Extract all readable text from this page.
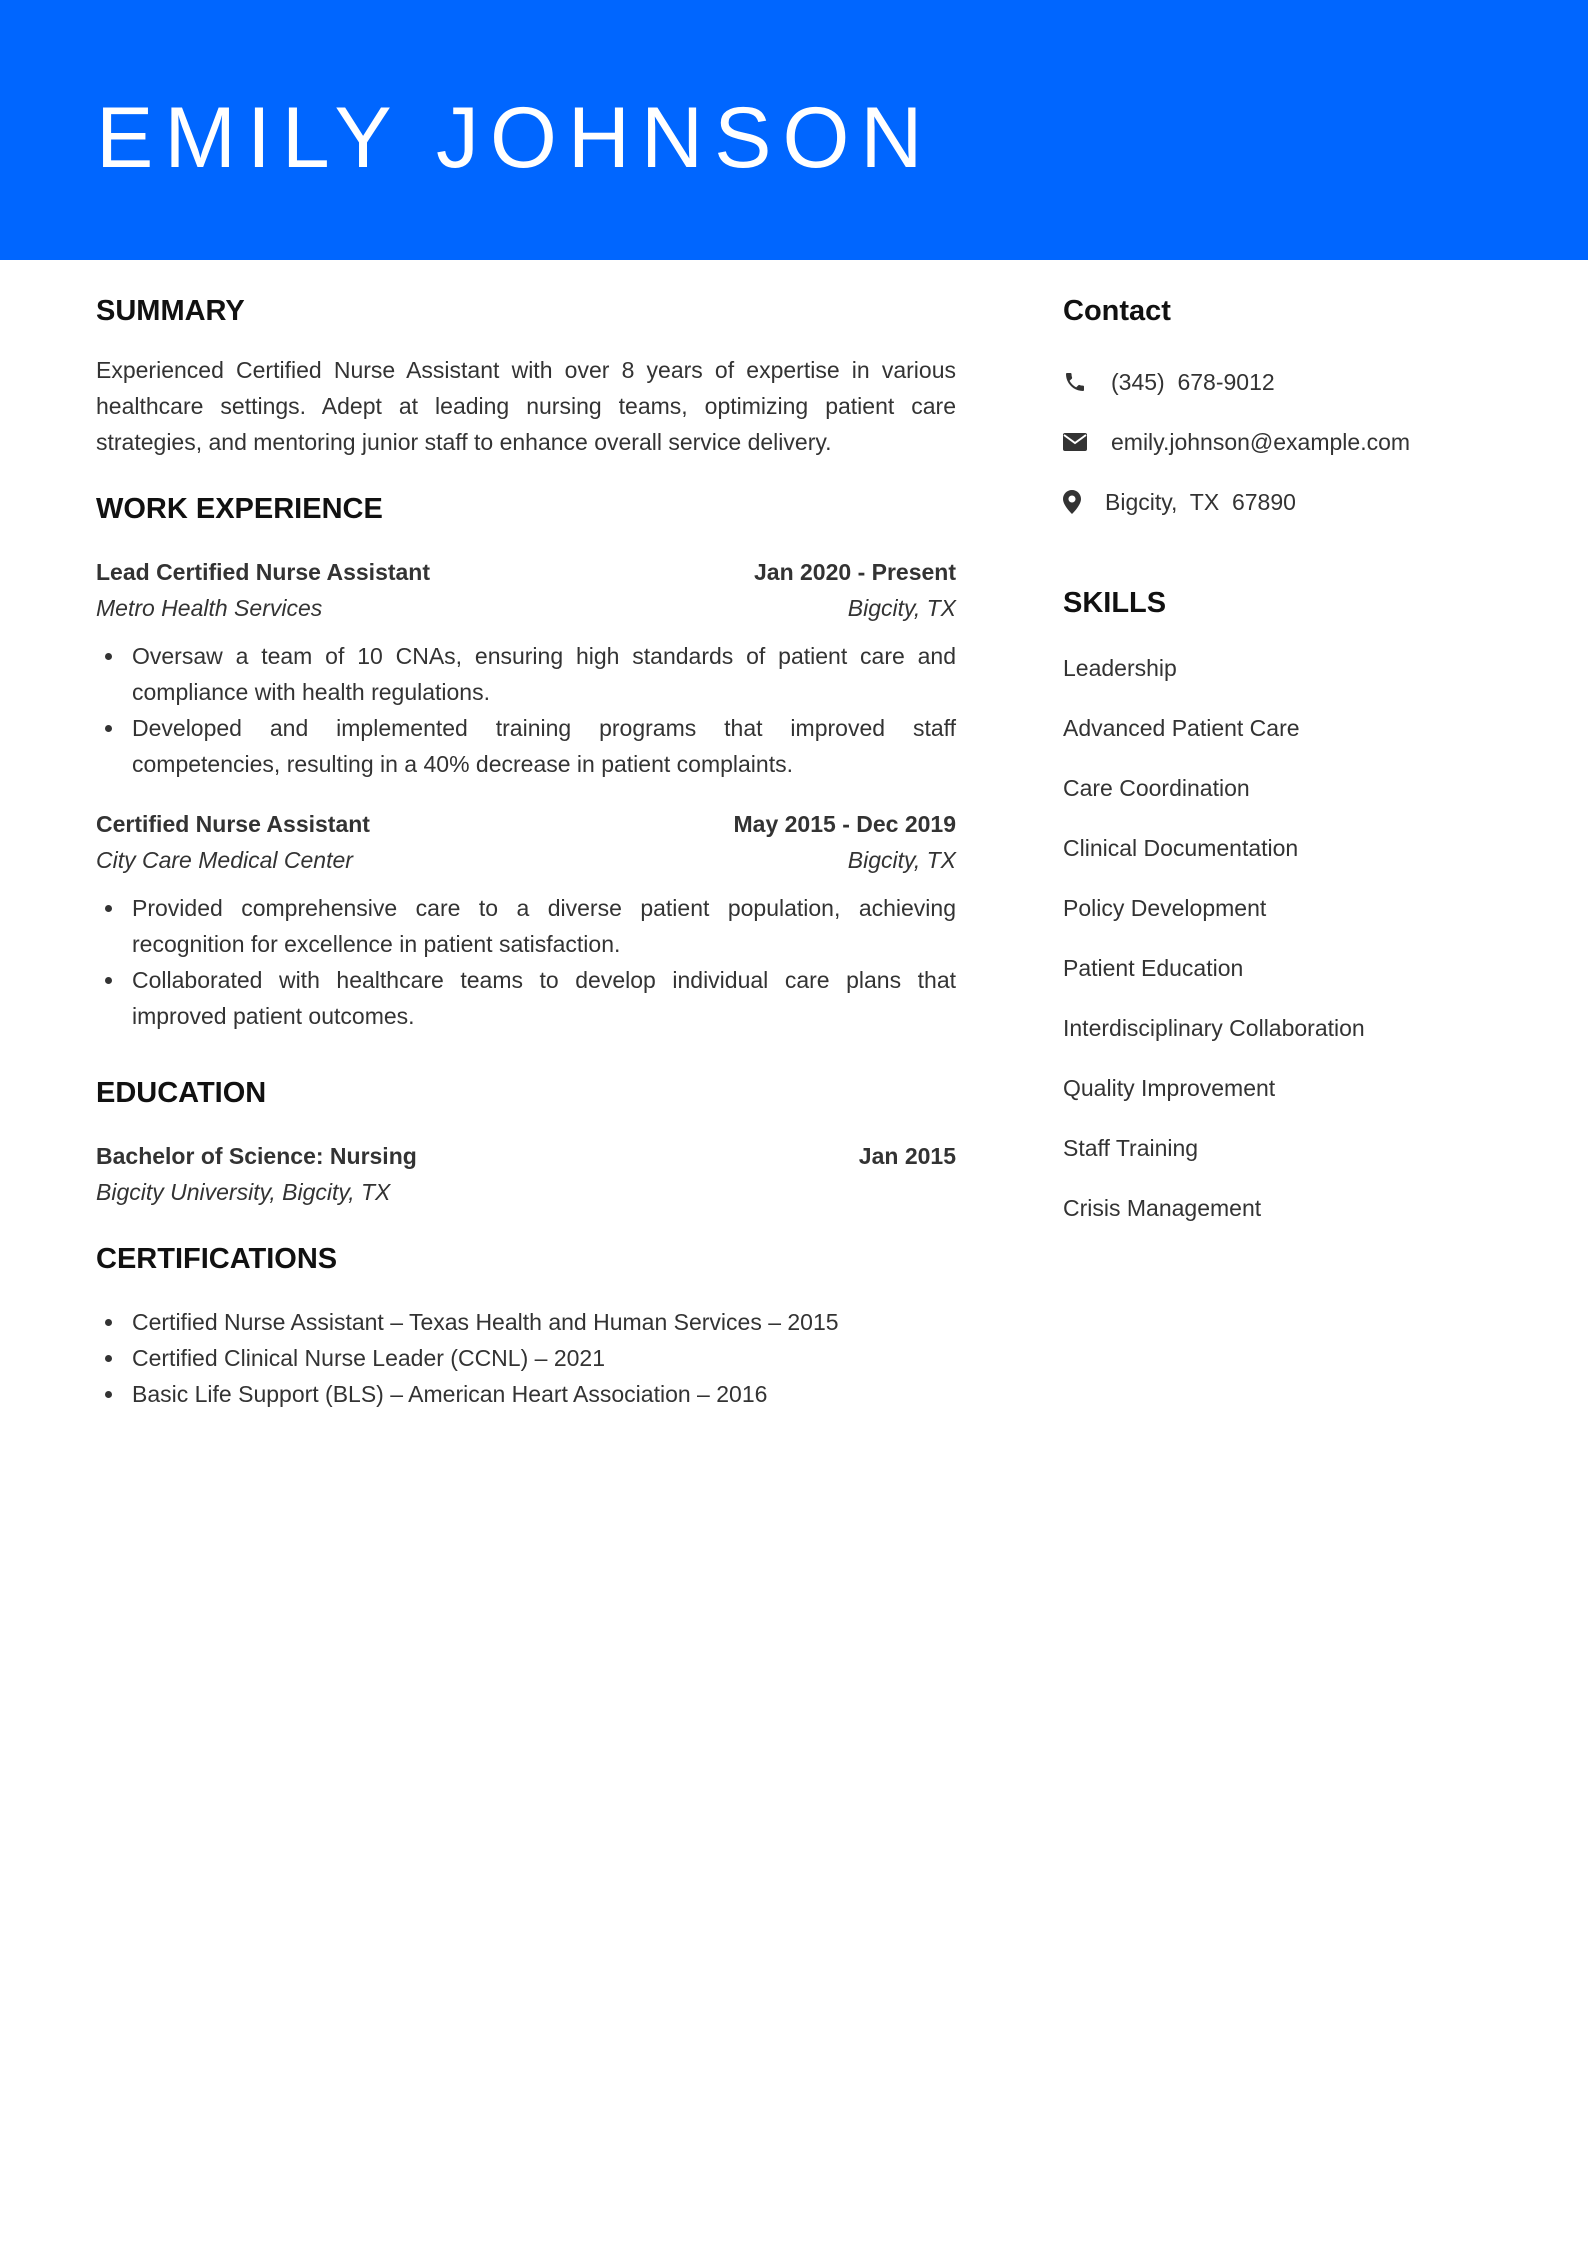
EMILY JOHNSON
SUMMARY
Experienced Certified Nurse Assistant with over 8 years of expertise in various healthcare settings. Adept at leading nursing teams, optimizing patient care strategies, and mentoring junior staff to enhance overall service delivery.
WORK EXPERIENCE
Lead Certified Nurse Assistant	Jan 2020 - Present
Metro Health Services	Bigcity, TX
Oversaw a team of 10 CNAs, ensuring high standards of patient care and compliance with health regulations.
Developed and implemented training programs that improved staff competencies, resulting in a 40% decrease in patient complaints.
Certified Nurse Assistant	May 2015 - Dec 2019
City Care Medical Center	Bigcity, TX
Provided comprehensive care to a diverse patient population, achieving recognition for excellence in patient satisfaction.
Collaborated with healthcare teams to develop individual care plans that improved patient outcomes.
EDUCATION
Bachelor of Science: Nursing	Jan 2015
Bigcity University, Bigcity, TX
CERTIFICATIONS
Certified Nurse Assistant – Texas Health and Human Services – 2015
Certified Clinical Nurse Leader (CCNL) – 2021
Basic Life Support (BLS) – American Heart Association – 2016
Contact
(345)  678-9012
emily.johnson@example.com
Bigcity,  TX  67890
SKILLS
Leadership
Advanced Patient Care
Care Coordination
Clinical Documentation
Policy Development
Patient Education
Interdisciplinary Collaboration
Quality Improvement
Staff Training
Crisis Management
